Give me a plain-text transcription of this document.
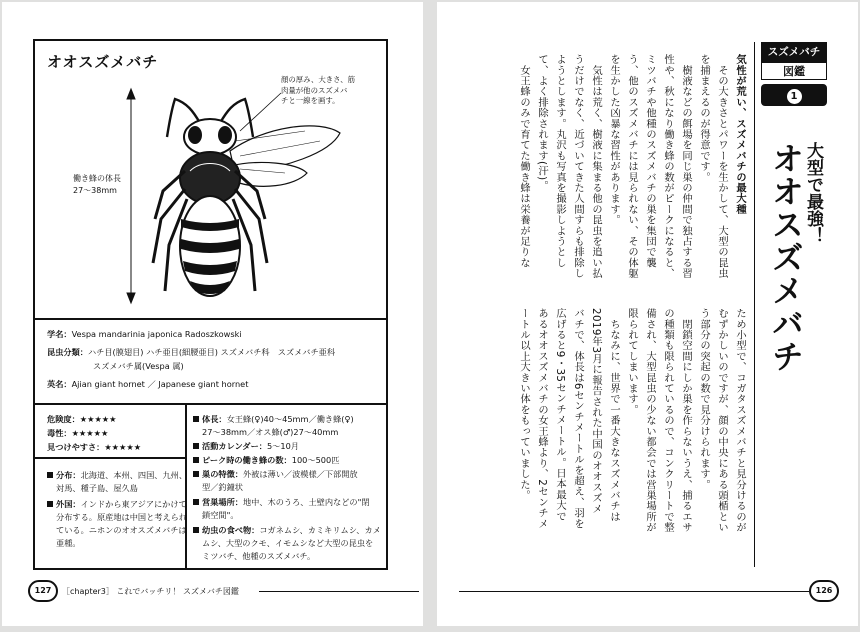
オオスズメバチ
顔の厚み、大きさ、筋
肉量が他のスズメバ
チと一線を画す。
働き蜂の体長
27〜38mm
学名：Vespa mandarinia japonica Radoszkowski
昆虫分類：ハチ目(膜翅目) ハチ亜目(細腰亜目) スズメバチ科　スズメバチ亜科
スズメバチ属(Vespa 属)
英名：Ajian giant hornet ／ Japanese giant hornet
危険度：★★★★★
毒性：★★★★★
見つけやすさ：★★★★★
分布：北海道、本州、四国、九州、
対馬、種子島、屋久島
外国：インドから東アジアにかけて
分布する。原産地は中国と考えられ
ている。ニホンのオオスズメバチは
亜種。
体長：女王蜂(♀)40〜45mm／働き蜂(♀)
27〜38mm／オス蜂(♂)27〜40mm
活動カレンダー：5〜10月
ピーク時の働き蜂の数：100〜500匹
巣の特徴：外被は薄い／波模様／下部開放
型／釣鐘状
営巣場所：地中、木のうろ、土壁内などの"閉
鎖空間"。
幼虫の食べ物：コガネムシ、カミキリムシ、カメ
ムシ、大型のクモ、イモムシなど大型の昆虫を
ミツバチ、他種のスズメバチ。
127	［chapter3］ これでバッチリ！ スズメバチ図鑑
スズメバチ
図鑑
1
大型で最強！
オオスズメバチ
気性が荒い、スズメバチの最大種
　その大きさとパワーを生かして、大型の昆虫
を捕まえるのが得意です。
　樹液などの餌場を同じ巣の仲間で独占する習
性や、秋になり働き蜂の数がピークになると、
ミツバチや他種のスズメバチの巣を集団で襲
う、他のスズメバチには見られない、その体躯
を生かした凶暴な習性があります。
　気性は荒く、樹液に集まる他の昆虫を追い払
うだけでなく、近づいてきた人間すらも排除し
ようとします。丸沢も写真を撮影しようとし
て、よく排除されます(汗)。
　女王蜂のみで育てた働き蜂は栄養が足りな
ため小型で、コガタスズメバチと見分けるのが
むずかしいのですが、顔の中央にある頭楯とい
う部分の突起の数で見分けられます。
　閉鎖空間にしか巣を作らないうえ、捕るエサ
の種類も限られているので、コンクリートで整
備され、大型昆虫の少ない都会では営巣場所が
限られてしまいます。
　ちなみに、世界で一番大きなスズメバチは
2019年3月に報告された中国のオオスズメ
バチで、体長は6センチメートルを超え、羽を
広げると9・35センチメートル。日本最大で
あるオオスズメバチの女王蜂より、2センチメ
ートル以上大きい体をもっていました。
126
